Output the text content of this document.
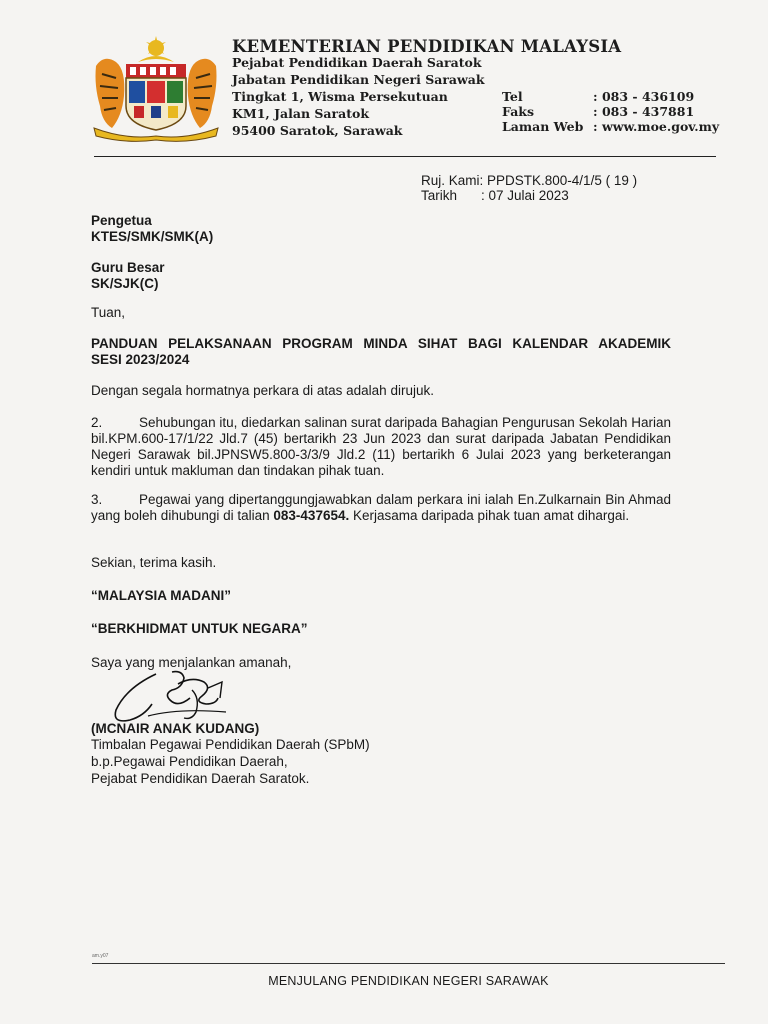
KEMENTERIAN PENDIDIKAN MALAYSIA
Pejabat Pendidikan Daerah Saratok
Jabatan Pendidikan Negeri Sarawak
Tingkat 1, Wisma Persekutuan
KM1, Jalan Saratok
95400 Saratok, Sarawak
Tel	: 083 - 436109
Faks	: 083 - 437881
Laman Web : www.moe.gov.my
Ruj. Kami: PPDSTK.800-4/1/5 ( 19 )
Tarikh : 07 Julai 2023
Pengetua
KTES/SMK/SMK(A)
Guru Besar
SK/SJK(C)
Tuan,
PANDUAN PELAKSANAAN PROGRAM MINDA SIHAT BAGI KALENDAR AKADEMIK
SESI 2023/2024
Dengan segala hormatnya perkara di atas adalah dirujuk.
2.	Sehubungan itu, diedarkan salinan surat daripada Bahagian Pengurusan Sekolah Harian bil.KPM.600-17/1/22 Jld.7 (45) bertarikh 23 Jun 2023 dan surat daripada Jabatan Pendidikan Negeri Sarawak bil.JPNSW5.800-3/3/9 Jld.2 (11) bertarikh 6 Julai 2023 yang berketerangan kendiri untuk makluman dan tindakan pihak tuan.
3.	Pegawai yang dipertanggungjawabkan dalam perkara ini ialah En.Zulkarnain Bin Ahmad yang boleh dihubungi di talian 083-437654. Kerjasama daripada pihak tuan amat dihargai.
Sekian, terima kasih.
“MALAYSIA MADANI”
“BERKHIDMAT UNTUK NEGARA”
Saya yang menjalankan amanah,
(MCNAIR ANAK KUDANG)
Timbalan Pegawai Pendidikan Daerah (SPbM)
b.p.Pegawai Pendidikan Daerah,
Pejabat Pendidikan Daerah Saratok.
am.y07
MENJULANG PENDIDIKAN NEGERI SARAWAK
